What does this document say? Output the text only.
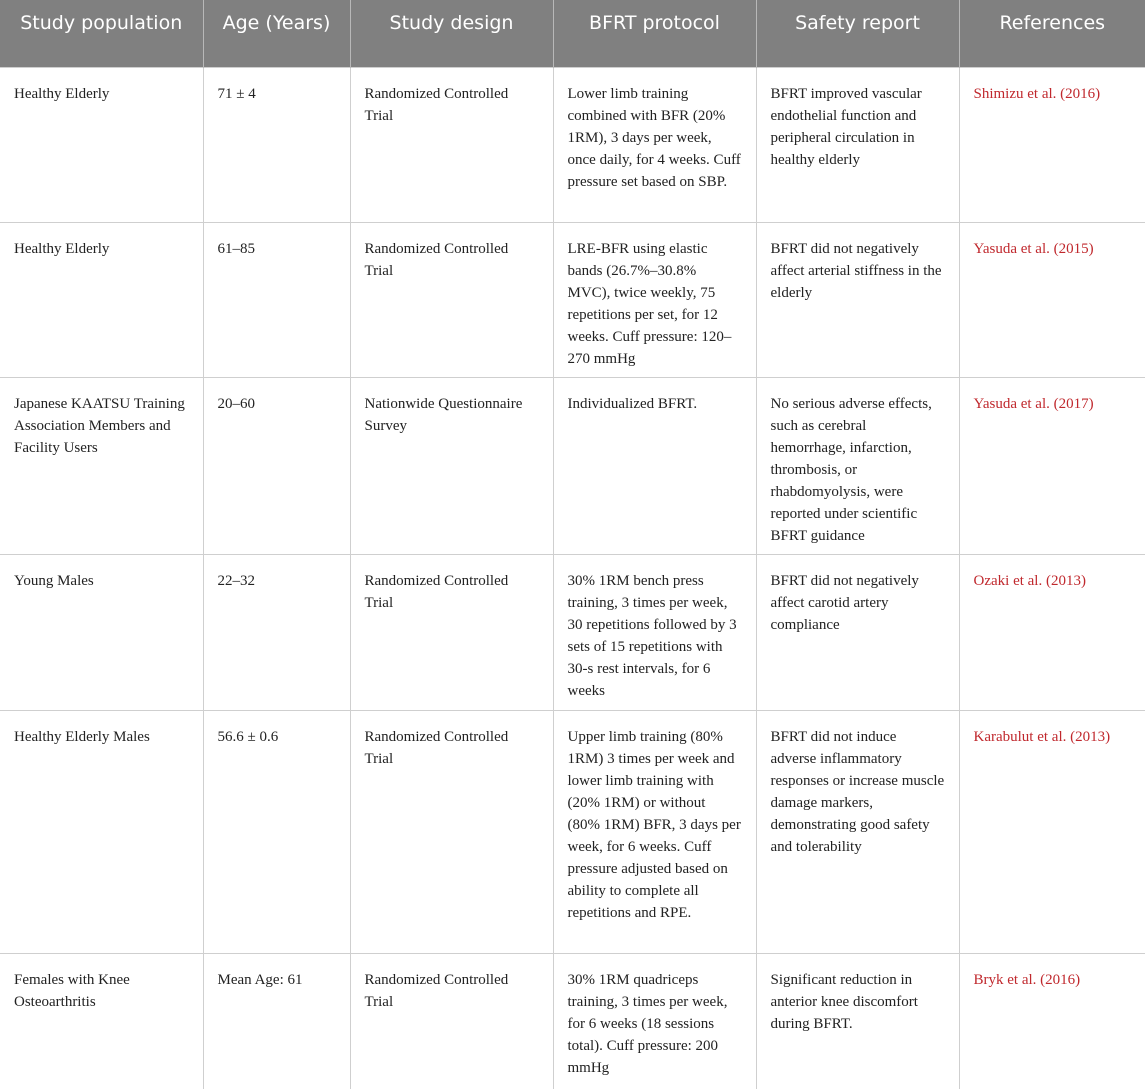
Study population	Age (Years)	Study design	BFRT protocol	Safety report	References
Healthy Elderly	71 ± 4	Randomized Controlled Trial	Lower limb training combined with BFR (20% 1RM), 3 days per week, once daily, for 4 weeks. Cuff pressure set based on SBP.	BFRT improved vascular endothelial function and peripheral circulation in healthy elderly	Shimizu et al. (2016)
Healthy Elderly	61–85	Randomized Controlled Trial	LRE-BFR using elastic bands (26.7%–30.8% MVC), twice weekly, 75 repetitions per set, for 12 weeks. Cuff pressure: 120–270 mmHg	BFRT did not negatively affect arterial stiffness in the elderly	Yasuda et al. (2015)
Japanese KAATSU Training Association Members and Facility Users	20–60	Nationwide Questionnaire Survey	Individualized BFRT.	No serious adverse effects, such as cerebral hemorrhage, infarction, thrombosis, or rhabdomyolysis, were reported under scientific BFRT guidance	Yasuda et al. (2017)
Young Males	22–32	Randomized Controlled Trial	30% 1RM bench press training, 3 times per week, 30 repetitions followed by 3 sets of 15 repetitions with 30-s rest intervals, for 6 weeks	BFRT did not negatively affect carotid artery compliance	Ozaki et al. (2013)
Healthy Elderly Males	56.6 ± 0.6	Randomized Controlled Trial	Upper limb training (80% 1RM) 3 times per week and lower limb training with (20% 1RM) or without (80% 1RM) BFR, 3 days per week, for 6 weeks. Cuff pressure adjusted based on ability to complete all repetitions and RPE.	BFRT did not induce adverse inflammatory responses or increase muscle damage markers, demonstrating good safety and tolerability	Karabulut et al. (2013)
Females with Knee Osteoarthritis	Mean Age: 61	Randomized Controlled Trial	30% 1RM quadriceps training, 3 times per week, for 6 weeks (18 sessions total). Cuff pressure: 200 mmHg	Significant reduction in anterior knee discomfort during BFRT.	Bryk et al. (2016)
